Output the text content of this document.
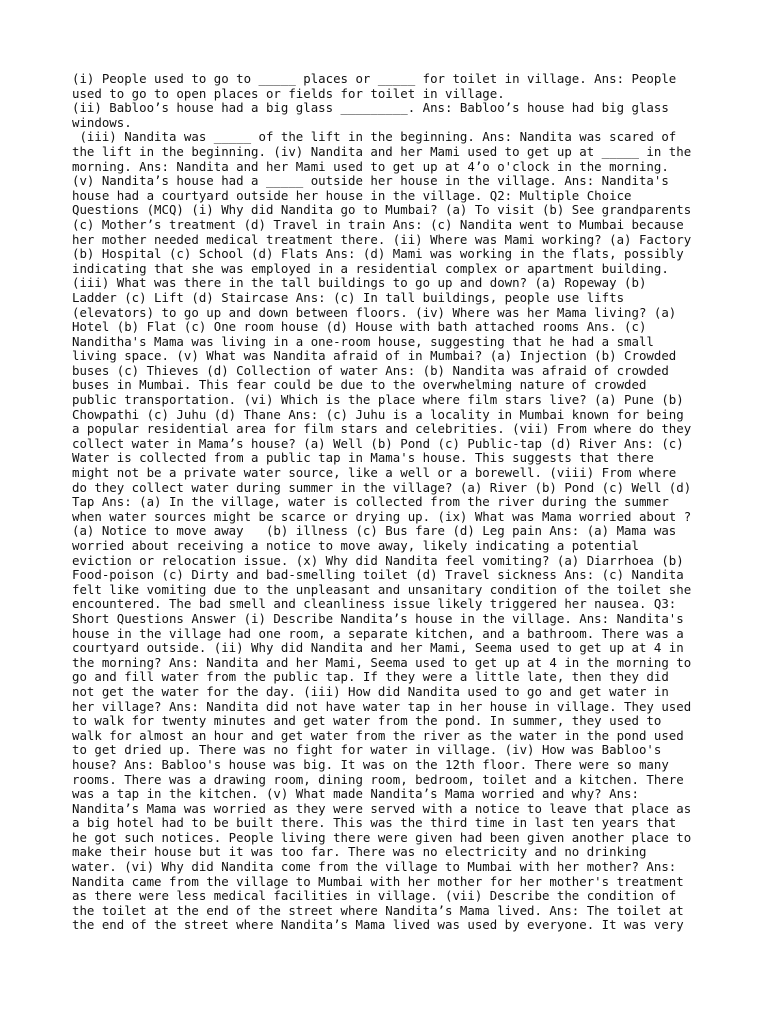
(i) People used to go to _____ places or _____ for toilet in village. Ans: People
used to go to open places or fields for toilet in village.
(ii) Babloo’s house had a big glass _________. Ans: Babloo’s house had big glass
windows.
(iii) Nandita was _____ of the lift in the beginning. Ans: Nandita was scared of
the lift in the beginning. (iv) Nandita and her Mami used to get up at _____ in the
morning. Ans: Nandita and her Mami used to get up at 4’o o'clock in the morning.
(v) Nandita’s house had a _____ outside her house in the village. Ans: Nandita's
house had a courtyard outside her house in the village. Q2: Multiple Choice
Questions (MCQ) (i) Why did Nandita go to Mumbai? (a) To visit (b) See grandparents
(c) Mother’s treatment (d) Travel in train Ans: (c) Nandita went to Mumbai because
her mother needed medical treatment there. (ii) Where was Mami working? (a) Factory
(b) Hospital (c) School (d) Flats Ans: (d) Mami was working in the flats, possibly
indicating that she was employed in a residential complex or apartment building.
(iii) What was there in the tall buildings to go up and down? (a) Ropeway (b)
Ladder (c) Lift (d) Staircase Ans: (c) In tall buildings, people use lifts
(elevators) to go up and down between floors. (iv) Where was her Mama living? (a)
Hotel (b) Flat (c) One room house (d) House with bath attached rooms Ans. (c)
Nanditha's Mama was living in a one-room house, suggesting that he had a small
living space. (v) What was Nandita afraid of in Mumbai? (a) Injection (b) Crowded
buses (c) Thieves (d) Collection of water Ans: (b) Nandita was afraid of crowded
buses in Mumbai. This fear could be due to the overwhelming nature of crowded
public transportation. (vi) Which is the place where film stars live? (a) Pune (b)
Chowpathi (c) Juhu (d) Thane Ans: (c) Juhu is a locality in Mumbai known for being
a popular residential area for film stars and celebrities. (vii) From where do they
collect water in Mama’s house? (a) Well (b) Pond (c) Public-tap (d) River Ans: (c)
Water is collected from a public tap in Mama's house. This suggests that there
might not be a private water source, like a well or a borewell. (viii) From where
do they collect water during summer in the village? (a) River (b) Pond (c) Well (d)
Tap Ans: (a) In the village, water is collected from the river during the summer
when water sources might be scarce or drying up. (ix) What was Mama worried about ?
(a) Notice to move away   (b) illness (c) Bus fare (d) Leg pain Ans: (a) Mama was
worried about receiving a notice to move away, likely indicating a potential
eviction or relocation issue. (x) Why did Nandita feel vomiting? (a) Diarrhoea (b)
Food-poison (c) Dirty and bad-smelling toilet (d) Travel sickness Ans: (c) Nandita
felt like vomiting due to the unpleasant and unsanitary condition of the toilet she
encountered. The bad smell and cleanliness issue likely triggered her nausea. Q3:
Short Questions Answer (i) Describe Nandita’s house in the village. Ans: Nandita's
house in the village had one room, a separate kitchen, and a bathroom. There was a
courtyard outside. (ii) Why did Nandita and her Mami, Seema used to get up at 4 in
the morning? Ans: Nandita and her Mami, Seema used to get up at 4 in the morning to
go and fill water from the public tap. If they were a little late, then they did
not get the water for the day. (iii) How did Nandita used to go and get water in
her village? Ans: Nandita did not have water tap in her house in village. They used
to walk for twenty minutes and get water from the pond. In summer, they used to
walk for almost an hour and get water from the river as the water in the pond used
to get dried up. There was no fight for water in village. (iv) How was Babloo's
house? Ans: Babloo's house was big. It was on the 12th floor. There were so many
rooms. There was a drawing room, dining room, bedroom, toilet and a kitchen. There
was a tap in the kitchen. (v) What made Nandita’s Mama worried and why? Ans:
Nandita’s Mama was worried as they were served with a notice to leave that place as
a big hotel had to be built there. This was the third time in last ten years that
he got such notices. People living there were given had been given another place to
make their house but it was too far. There was no electricity and no drinking
water. (vi) Why did Nandita come from the village to Mumbai with her mother? Ans:
Nandita came from the village to Mumbai with her mother for her mother's treatment
as there were less medical facilities in village. (vii) Describe the condition of
the toilet at the end of the street where Nandita’s Mama lived. Ans: The toilet at
the end of the street where Nandita’s Mama lived was used by everyone. It was very
